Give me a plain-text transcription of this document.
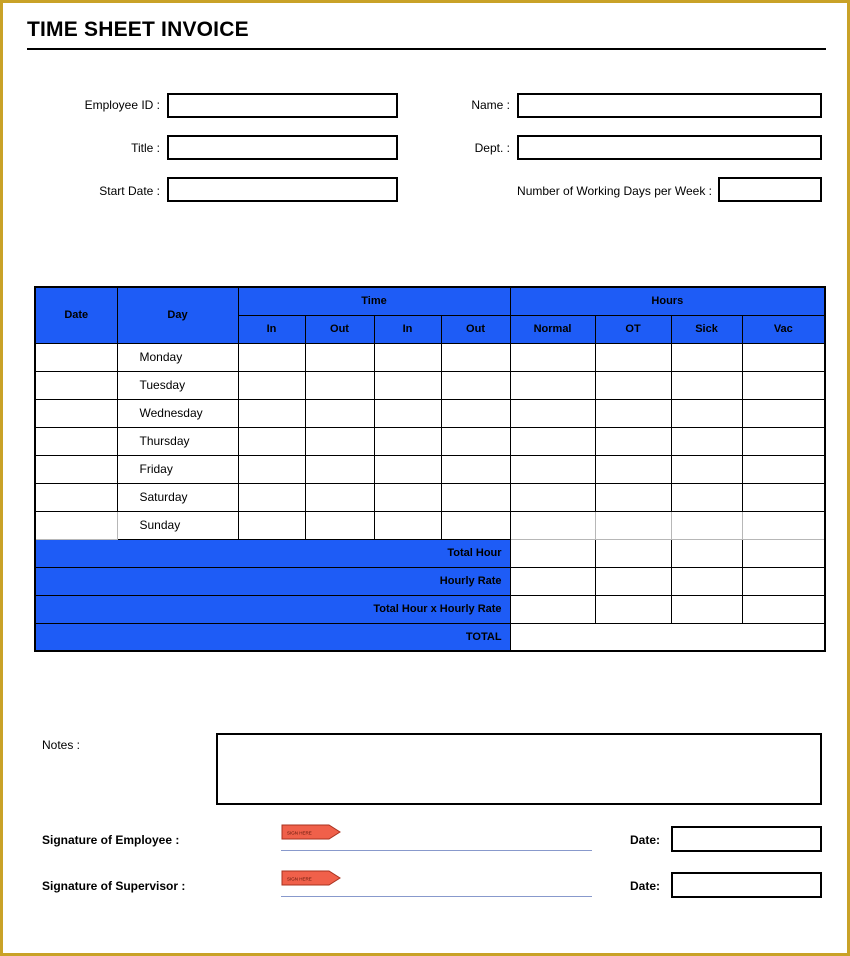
TIME SHEET INVOICE
Employee ID :	Name :
Title :	Dept. :
Start Date :	Number of Working Days per Week :
Date	Day	Time				Hours			
		In	Out	In	Out	Normal	OT	Sick	Vac
	Monday								
	Tuesday								
	Wednesday								
	Thursday								
	Friday								
	Saturday								
	Sunday								
Total Hour									
Hourly Rate									
Total Hour x Hourly Rate									
TOTAL									
Notes :
Signature of Employee :	SIGN HERE	Date:
Signature of Supervisor :	SIGN HERE	Date:
